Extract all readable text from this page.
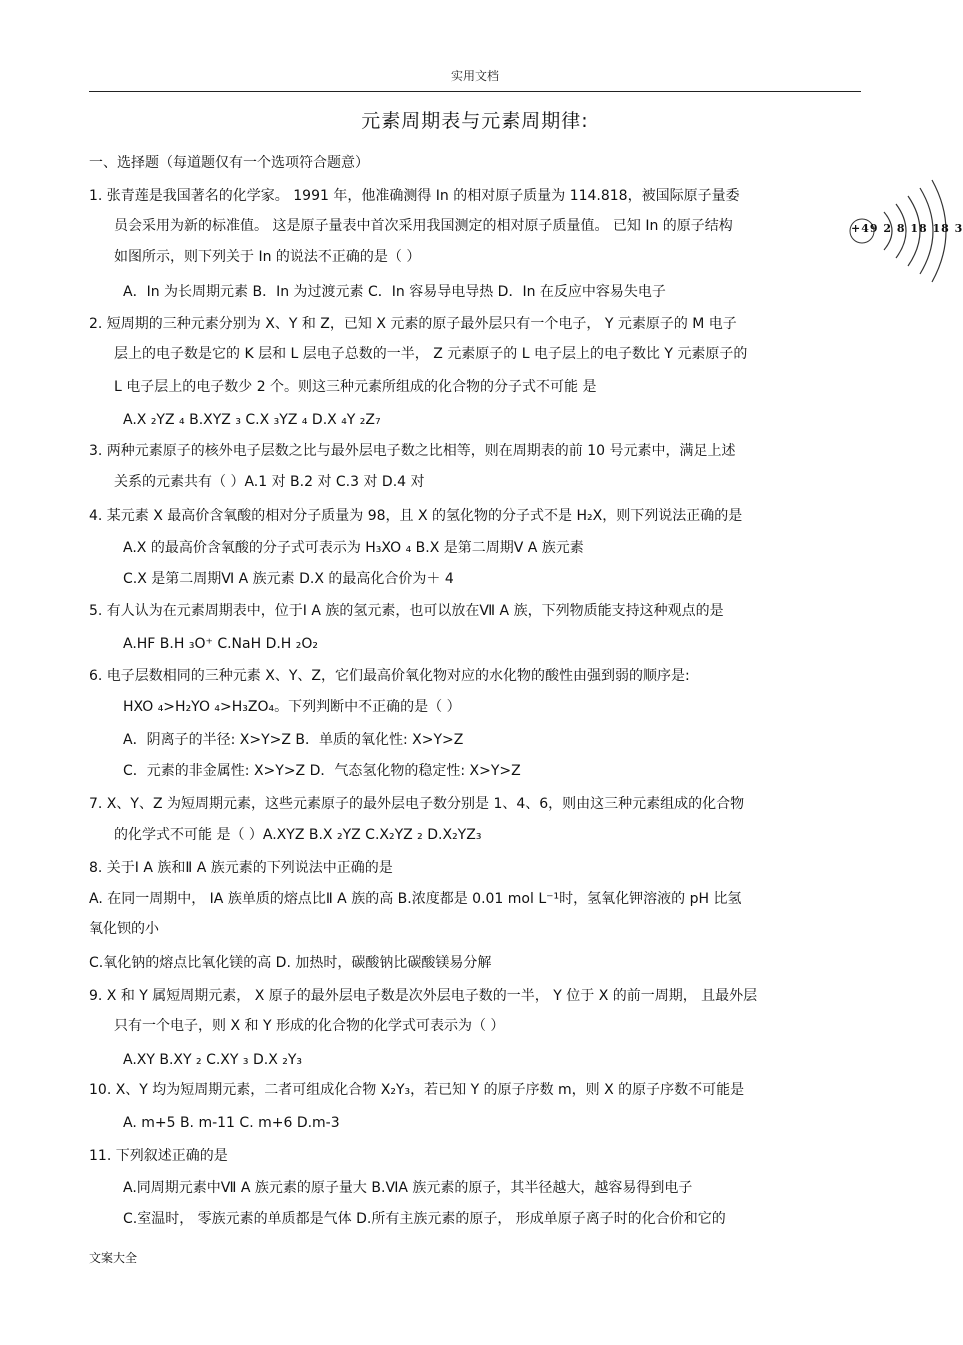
实用文档
元素周期表与元素周期律:
一、选择题（每道题仅有一个选项符合题意）
+49 2 8 18 18 3
1. 张青莲是我国著名的化学家。 1991 年，他准确测得 In 的相对原子质量为 114.818，被国际原子量委
员会采用为新的标准值。 这是原子量表中首次采用我国测定的相对原子质量值。 已知 In 的原子结构
如图所示，则下列关于 In 的说法不正确的是（ ）
A．In 为长周期元素 B．In 为过渡元素 C．In 容易导电导热 D．In 在反应中容易失电子
2. 短周期的三种元素分别为 X、Y 和 Z，已知 X 元素的原子最外层只有一个电子， Y 元素原子的 M 电子
层上的电子数是它的 K 层和 L 层电子总数的一半， Z 元素原子的 L 电子层上的电子数比 Y 元素原子的
L 电子层上的电子数少 2 个。则这三种元素所组成的化合物的分子式不可能 是
A.X ₂YZ ₄ B.XYZ ₃ C.X ₃YZ ₄ D.X ₄Y ₂Z₇
3. 两种元素原子的核外电子层数之比与最外层电子数之比相等，则在周期表的前 10 号元素中，满足上述
关系的元素共有（ ）A.1 对 B.2 对 C.3 对 D.4 对
4. 某元素 X 最高价含氧酸的相对分子质量为 98，且 X 的氢化物的分子式不是 H₂X，则下列说法正确的是
A.X 的最高价含氧酸的分子式可表示为 H₃XO ₄ B.X 是第二周期Ⅴ A 族元素
C.X 是第二周期Ⅵ A 族元素 D.X 的最高化合价为＋ 4
5. 有人认为在元素周期表中，位于Ⅰ A 族的氢元素，也可以放在Ⅶ A 族，下列物质能支持这种观点的是
A.HF B.H ₃O⁺ C.NaH D.H ₂O₂
6. 电子层数相同的三种元素 X、Y、Z，它们最高价氧化物对应的水化物的酸性由强到弱的顺序是:
HXO ₄>H₂YO ₄>H₃ZO₄。下列判断中不正确的是（ ）
A．阴离子的半径: X>Y>Z B．单质的氧化性: X>Y>Z
C．元素的非金属性: X>Y>Z D．气态氢化物的稳定性: X>Y>Z
7. X、Y、Z 为短周期元素，这些元素原子的最外层电子数分别是 1、4、6，则由这三种元素组成的化合物
的化学式不可能 是（ ）A.XYZ B.X ₂YZ C.X₂YZ ₂ D.X₂YZ₃
8. 关于Ⅰ A 族和Ⅱ A 族元素的下列说法中正确的是
A. 在同一周期中， ⅠA 族单质的熔点比Ⅱ A 族的高 B.浓度都是 0.01 mol L⁻¹时，氢氧化钾溶液的 pH 比氢
氧化钡的小
C.氧化钠的熔点比氧化镁的高 D. 加热时，碳酸钠比碳酸镁易分解
9. X 和 Y 属短周期元素， X 原子的最外层电子数是次外层电子数的一半， Y 位于 X 的前一周期， 且最外层
只有一个电子，则 X 和 Y 形成的化合物的化学式可表示为（ ）
A.XY B.XY ₂ C.XY ₃ D.X ₂Y₃
10. X、Y 均为短周期元素，二者可组成化合物 X₂Y₃，若已知 Y 的原子序数 m，则 X 的原子序数不可能是
A. m+5 B. m-11 C. m+6 D.m-3
11. 下列叙述正确的是
A.同周期元素中Ⅶ A 族元素的原子量大 B.ⅥA 族元素的原子，其半径越大，越容易得到电子
C.室温时， 零族元素的单质都是气体 D.所有主族元素的原子， 形成单原子离子时的化合价和它的
文案大全
